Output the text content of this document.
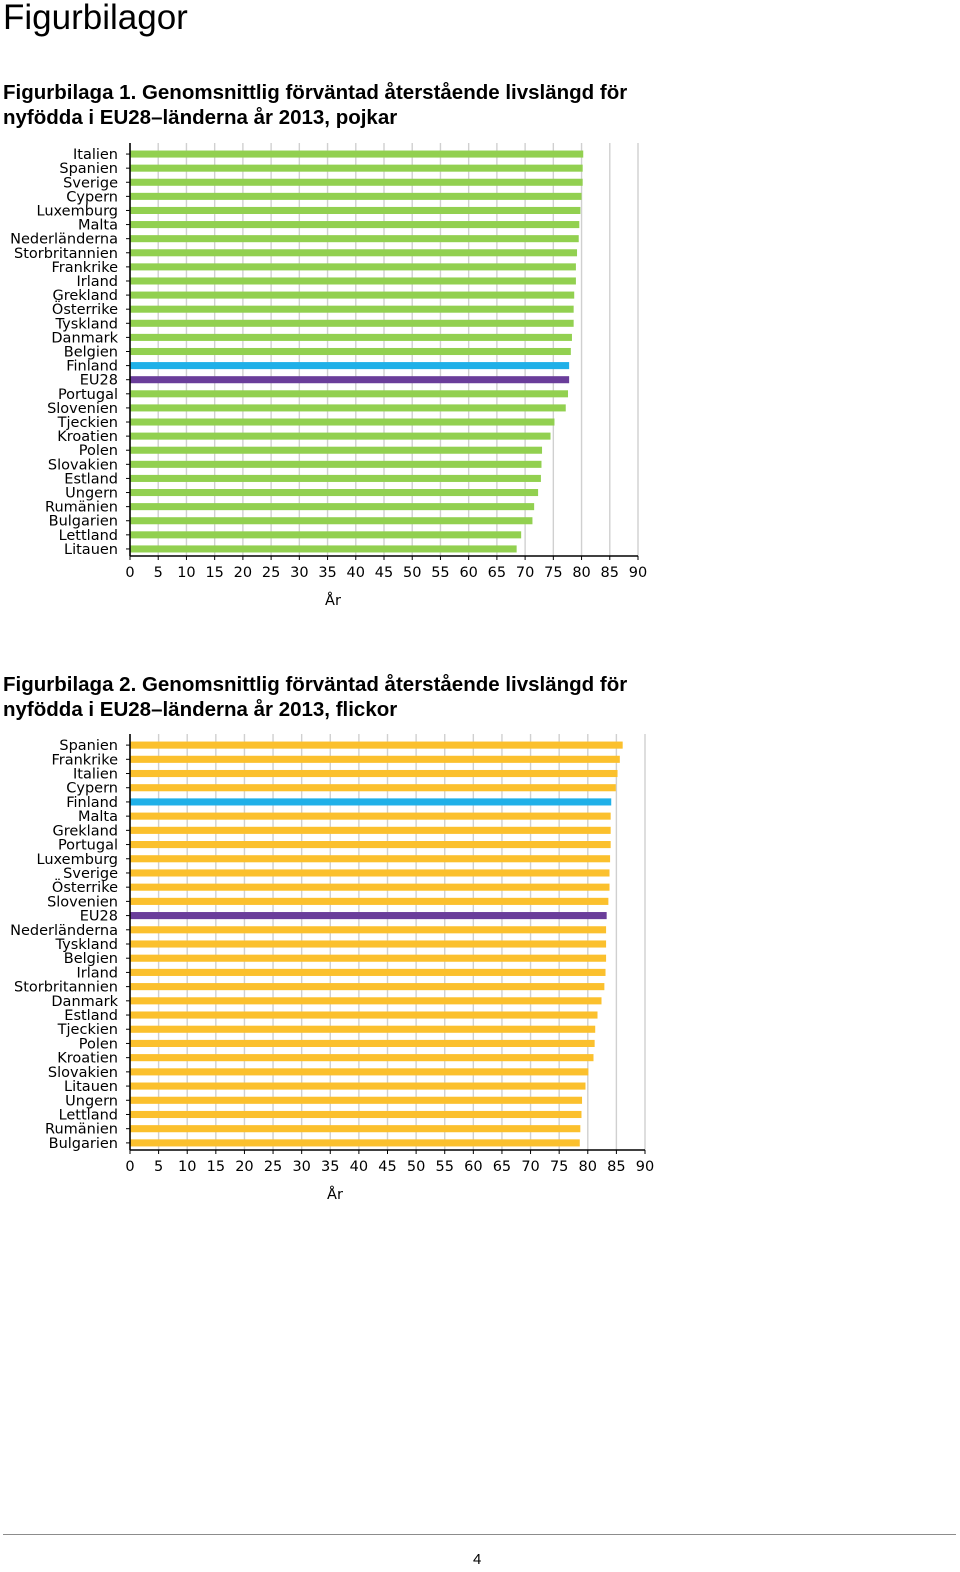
Figurbilagor
Figurbilaga 1. Genomsnittlig förväntad återstående livslängd för
nyfödda i EU28–länderna år 2013, pojkar
Italien
Spanien
Sverige
Cypern
Luxemburg
Malta
Nederländerna
Storbritannien
Frankrike
Irland
Grekland
Österrike
Tyskland
Danmark
Belgien
Finland
EU28
Portugal
Slovenien
Tjeckien
Kroatien
Polen
Slovakien
Estland
Ungern
Rumänien
Bulgarien
Lettland
Litauen
0 5 10 15 20 25 30 35 40 45 50 55 60 65 70 75 80 85 90
År
Figurbilaga 2. Genomsnittlig förväntad återstående livslängd för
nyfödda i EU28–länderna år 2013, flickor
Spanien
Frankrike
Italien
Cypern
Finland
Malta
Grekland
Portugal
Luxemburg
Sverige
Österrike
Slovenien
EU28
Nederländerna
Tyskland
Belgien
Irland
Storbritannien
Danmark
Estland
Tjeckien
Polen
Kroatien
Slovakien
Litauen
Ungern
Lettland
Rumänien
Bulgarien
0 5 10 15 20 25 30 35 40 45 50 55 60 65 70 75 80 85 90
År
4
